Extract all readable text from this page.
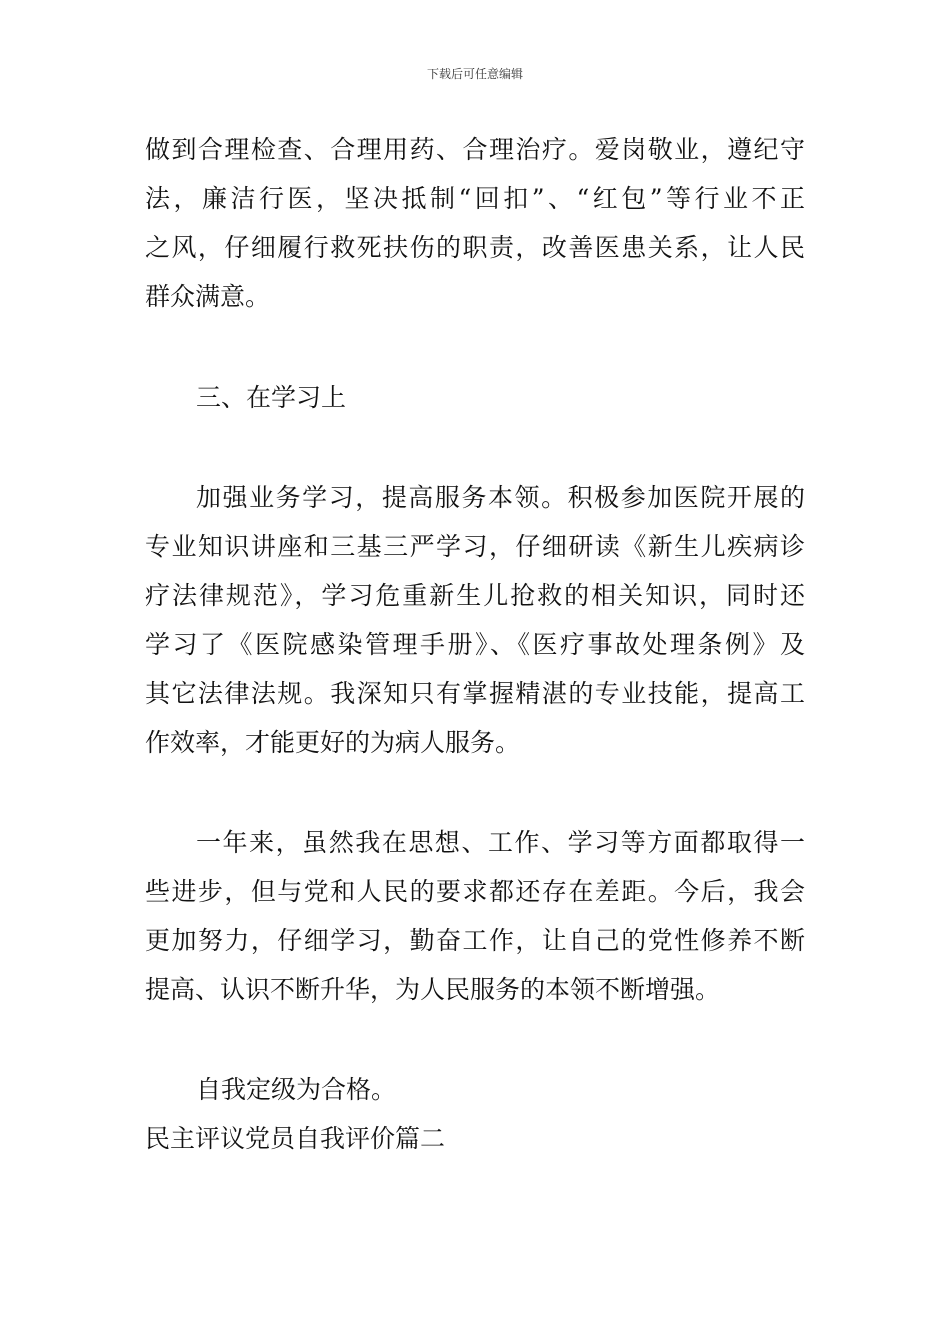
下载后可任意编辑
做到合理检查、合理用药、合理治疗。爱岗敬业，遵纪守
法，廉洁行医，坚决抵制“回扣”、“红包”等行业不正
之风，仔细履行救死扶伤的职责，改善医患关系，让人民
群众满意。
三、在学习上
加强业务学习，提高服务本领。积极参加医院开展的
专业知识讲座和三基三严学习，仔细研读《新生儿疾病诊
疗法律规范》，学习危重新生儿抢救的相关知识，同时还
学习了《医院感染管理手册》、《医疗事故处理条例》及
其它法律法规。我深知只有掌握精湛的专业技能，提高工
作效率，才能更好的为病人服务。
一年来，虽然我在思想、工作、学习等方面都取得一
些进步，但与党和人民的要求都还存在差距。今后，我会
更加努力，仔细学习，勤奋工作，让自己的党性修养不断
提高、认识不断升华，为人民服务的本领不断增强。
自我定级为合格。
民主评议党员自我评价篇二
